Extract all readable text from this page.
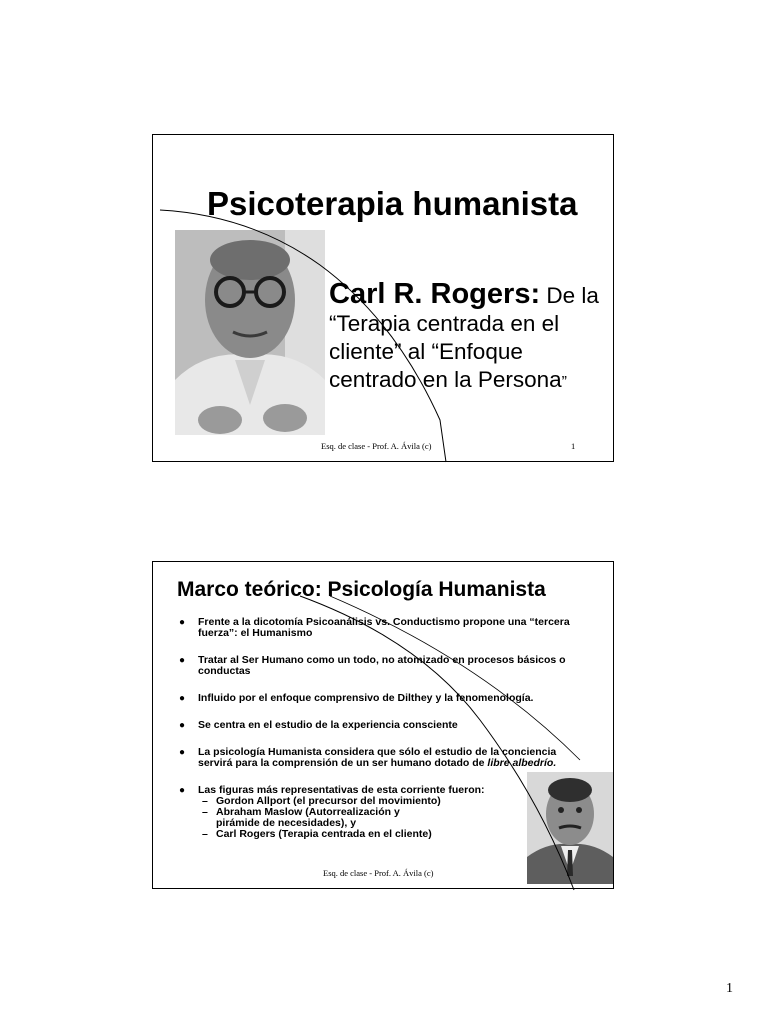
Psicoterapia humanista
Carl R. Rogers: De la “Terapia centrada en el cliente” al “Enfoque centrado en la Persona”
Esq. de clase - Prof. A. Ávila (c)	1
Marco teórico: Psicología Humanista
● Frente a la dicotomía Psicoanálisis vs. Conductismo propone una “tercera fuerza”: el Humanismo
● Tratar al Ser Humano como un todo, no atomizado en procesos básicos o conductas
● Influido por el enfoque comprensivo de Dilthey y la fenomenología.
● Se centra en el estudio de la experiencia consciente
● La psicología Humanista considera que sólo el estudio de la conciencia servirá para la comprensión de un ser humano dotado de libre albedrío.
● Las figuras más representativas de esta corriente fueron:
– Gordon Allport (el precursor del movimiento)
– Abraham Maslow (Autorrealización y pirámide de necesidades), y
– Carl Rogers (Terapia centrada en el cliente)
Esq. de clase - Prof. A. Ávila (c)
1
